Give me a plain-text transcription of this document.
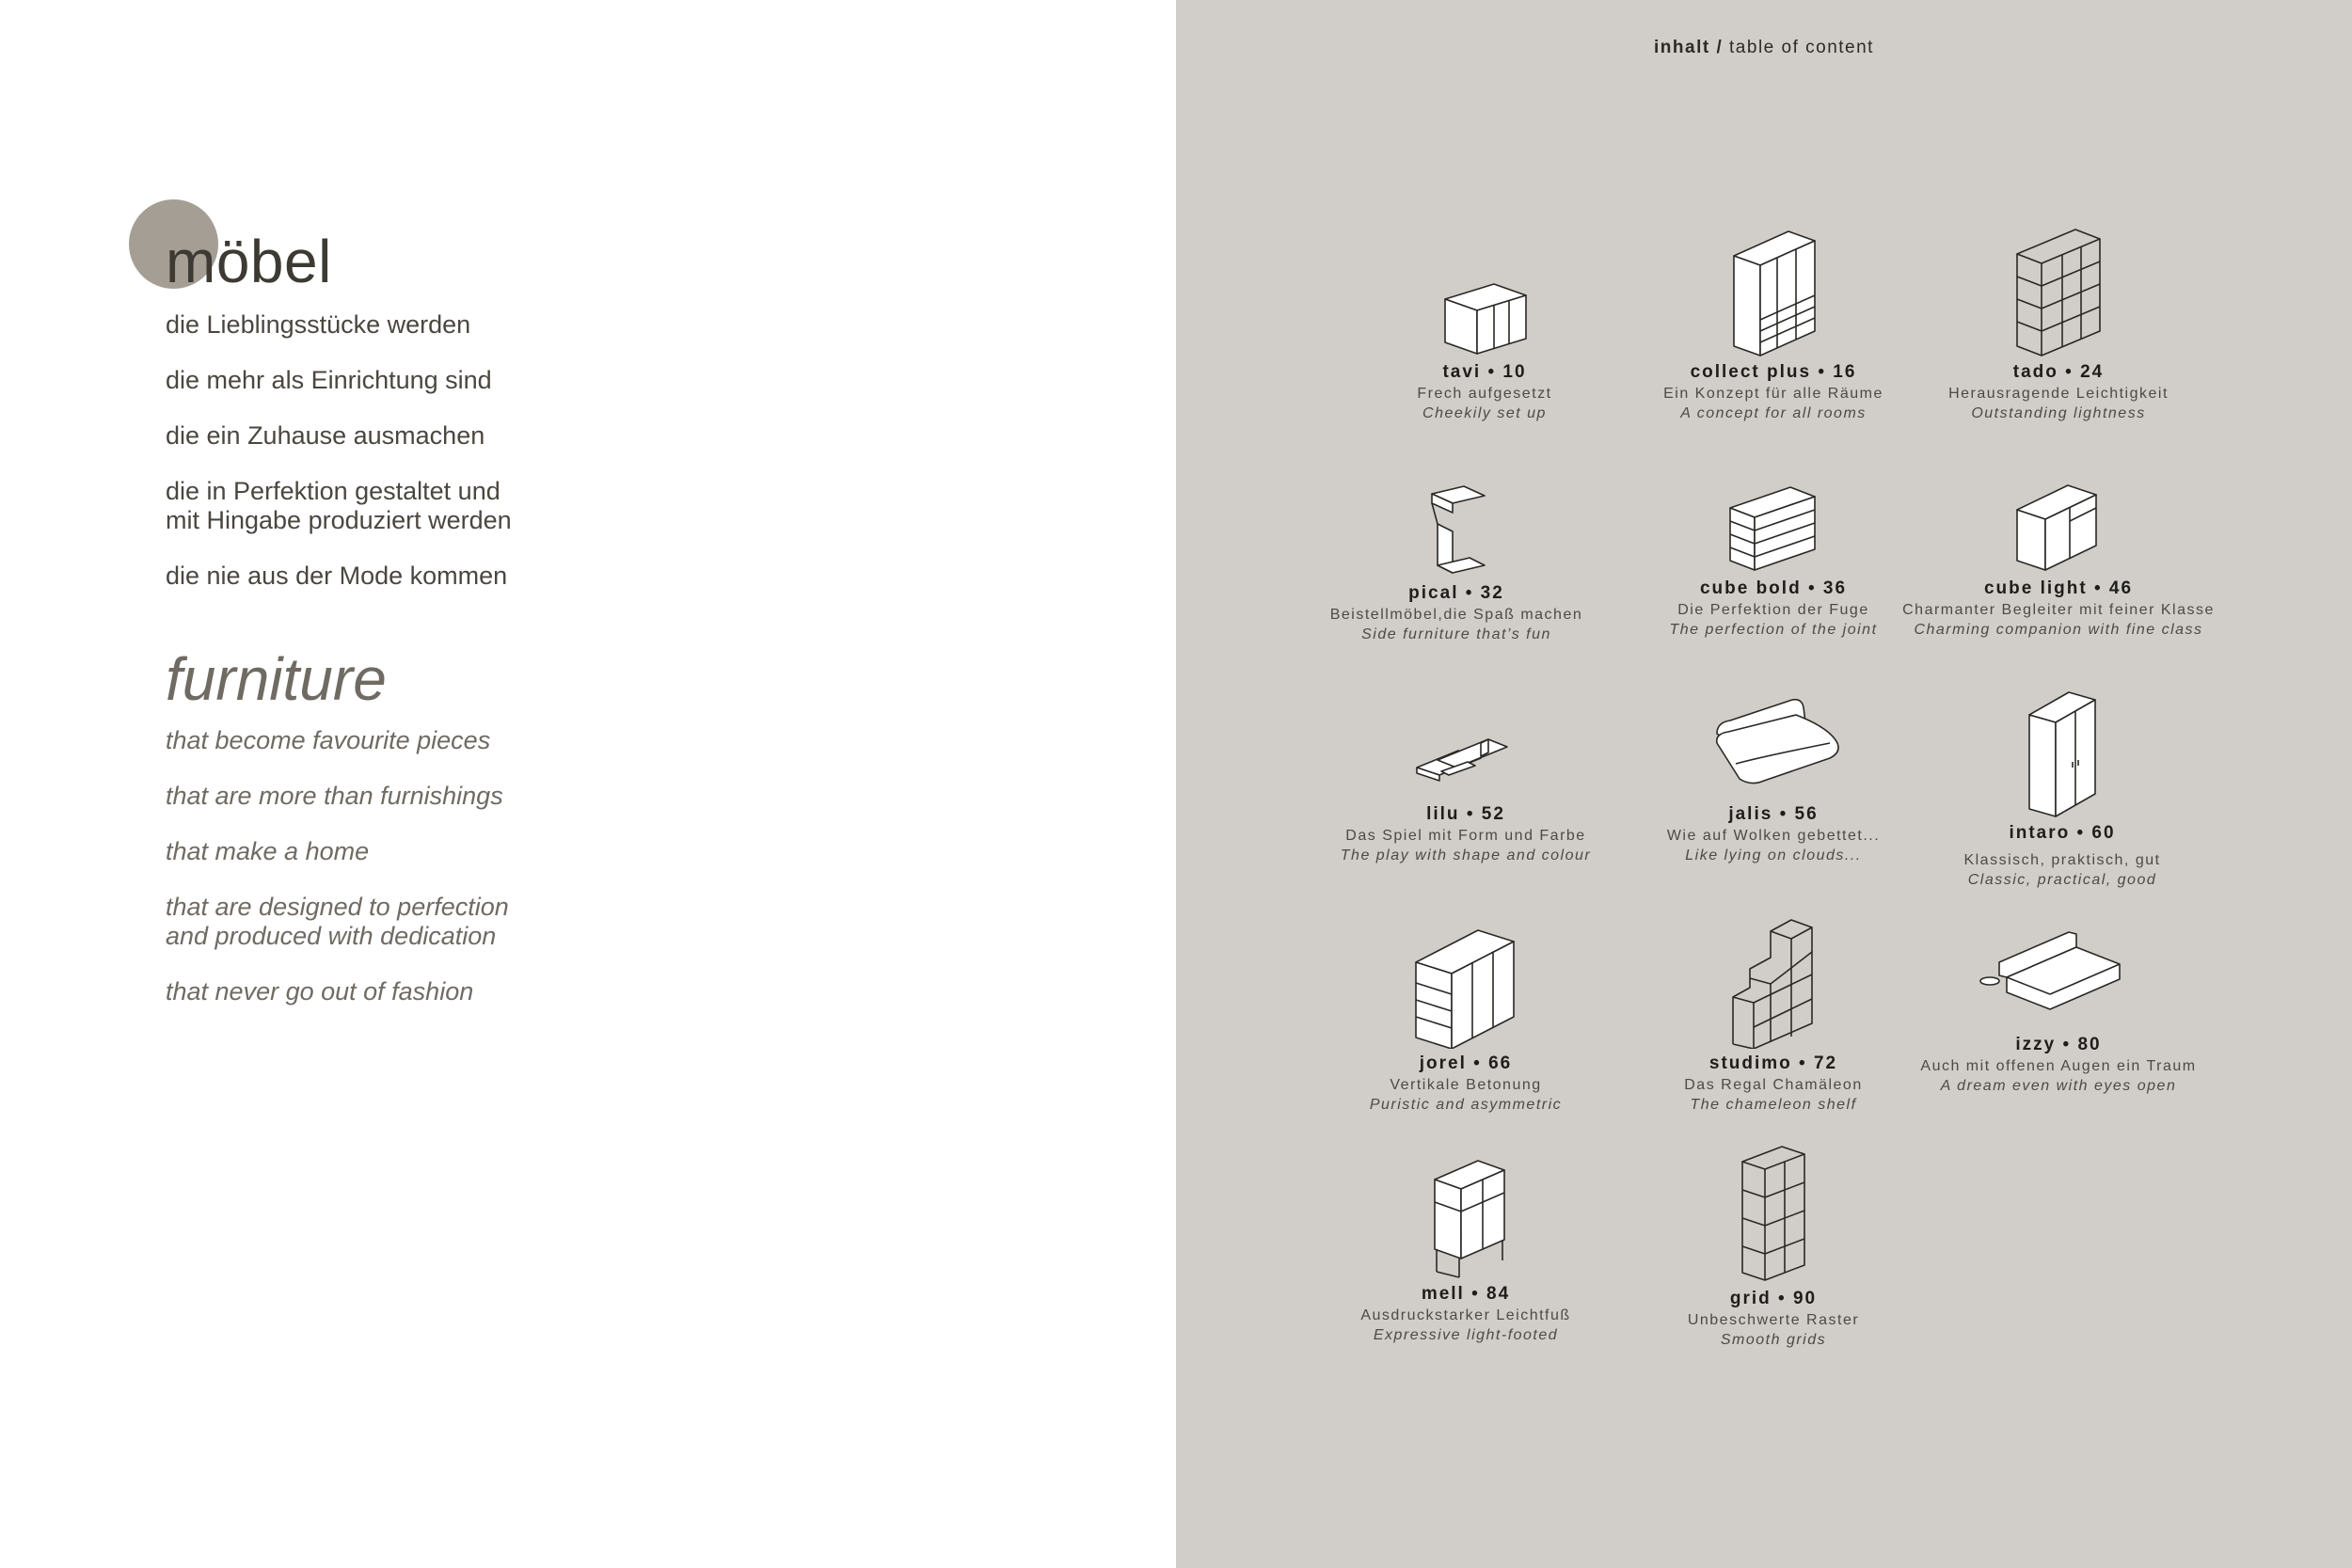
möbel

die Lieblingsstücke werden

die mehr als Einrichtung sind

die ein Zuhause ausmachen

die in Perfektion gestaltet und
mit Hingabe produziert werden

die nie aus der Mode kommen

furniture

that become favourite pieces

that are more than furnishings

that make a home

that are designed to perfection
and produced with dedication

that never go out of fashion

inhalt / table of content
tavi • 10
Frech aufgesetzt
Cheekily set up
collect plus • 16
Ein Konzept für alle Räume
A concept for all rooms
tado • 24
Herausragende Leichtigkeit
Outstanding lightness
pical • 32
Beistellmöbel,die Spaß machen
Side furniture that’s fun
cube bold • 36
Die Perfektion der Fuge
The perfection of the joint
cube light • 46
Charmanter Begleiter mit feiner Klasse
Charming companion with fine class
lilu • 52
Das Spiel mit Form und Farbe
The play with shape and colour
jalis • 56
Wie auf Wolken gebettet...
Like lying on clouds...
intaro • 60
Klassisch, praktisch, gut
Classic, practical, good
jorel • 66
Vertikale Betonung
Puristic and asymmetric
studimo • 72
Das Regal Chamäleon
The chameleon shelf
izzy • 80
Auch mit offenen Augen ein Traum
A dream even with eyes open
mell • 84
Ausdruckstarker Leichtfuß
Expressive light-footed
grid • 90
Unbeschwerte Raster
Smooth grids
